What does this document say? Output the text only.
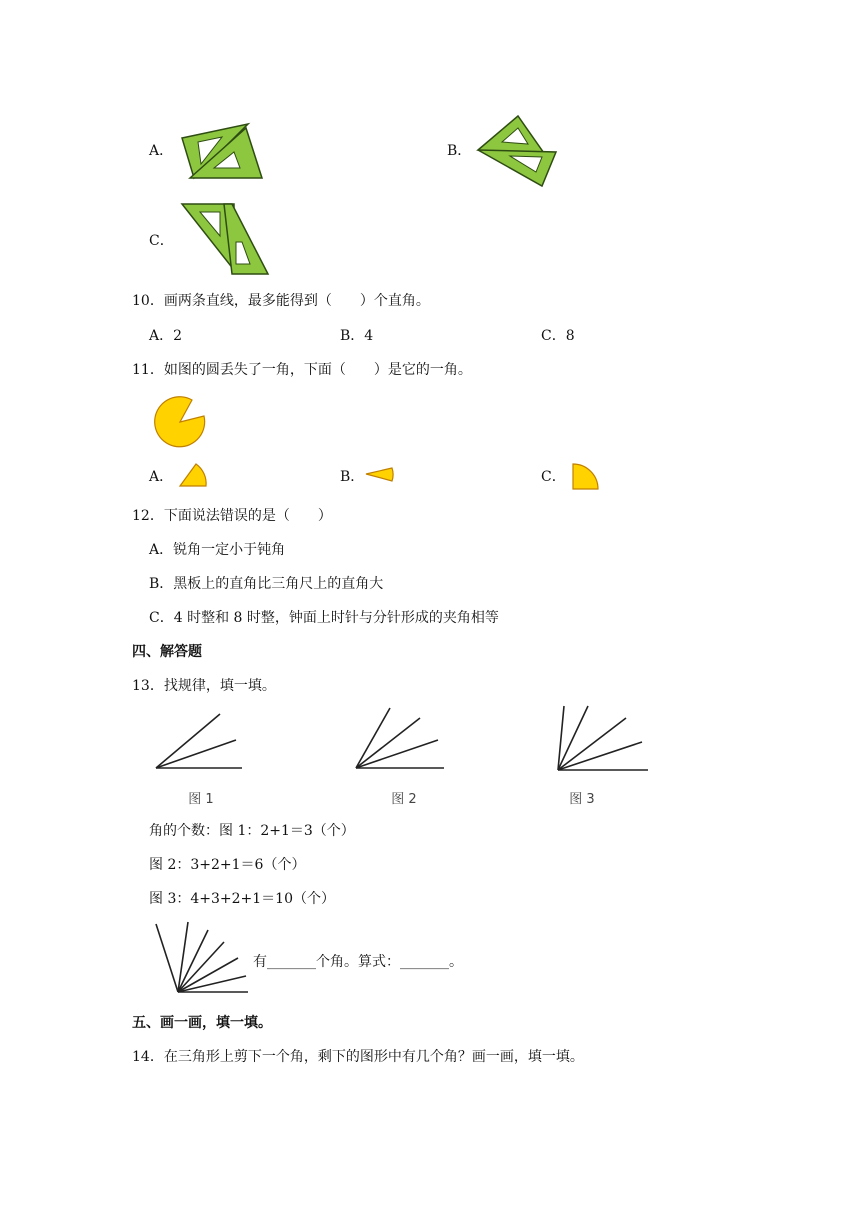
A．	B．
C．
10．画两条直线，最多能得到（　　）个直角。
A．2	B．4	C．8
11．如图的圆丢失了一角，下面（　　）是它的一角。
A．	B．	C．
12．下面说法错误的是（　　）
A．锐角一定小于钝角
B．黑板上的直角比三角尺上的直角大
C．4 时整和 8 时整，钟面上时针与分针形成的夹角相等
四、解答题
13．找规律，填一填。
图 1	图 2	图 3
角的个数：图 1：2+1＝3（个）
图 2：3+2+1＝6（个）
图 3：4+3+2+1＝10（个）
有_______个角。算式：_______。
五、画一画，填一填。
14．在三角形上剪下一个角，剩下的图形中有几个角？画一画，填一填。
